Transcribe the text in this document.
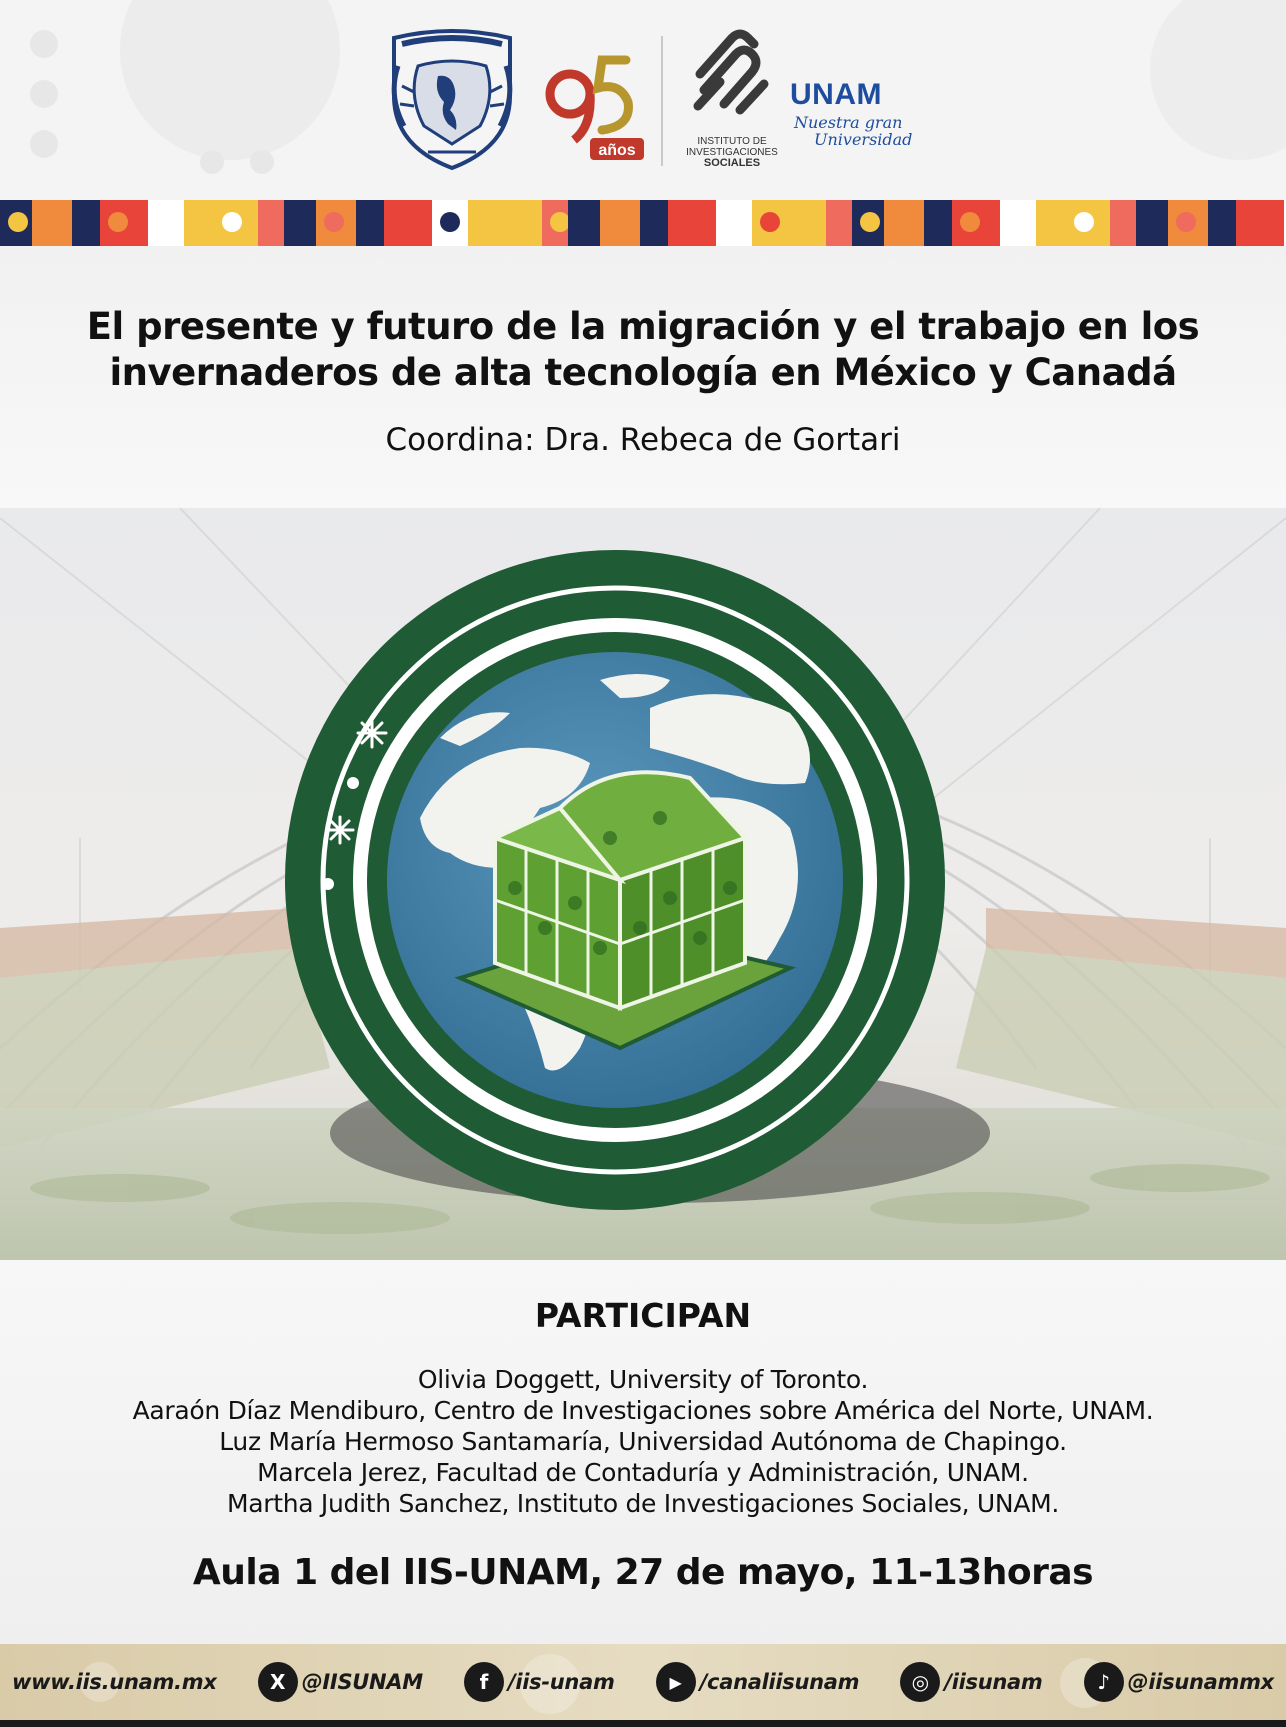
años
INSTITUTO DE
INVESTIGACIONES
SOCIALES
UNAM
Nuestra gran
Universidad
El presente y futuro de la migración y el trabajo en los
invernaderos de alta tecnología en México y Canadá
Coordina: Dra. Rebeca de Gortari
PARTICIPAN
Olivia Doggett, University of Toronto.
Aaraón Díaz Mendiburo, Centro de Investigaciones sobre América del Norte, UNAM.
Luz María Hermoso Santamaría, Universidad Autónoma de Chapingo.
Marcela Jerez, Facultad de Contaduría y Administración, UNAM.
Martha Judith Sanchez, Instituto de Investigaciones Sociales, UNAM.
Aula 1 del IIS-UNAM, 27 de mayo, 11-13horas
www.iis.unam.mx	X @IISUNAM	f /iis-unam	▶ /canaliisunam	◎ /iisunam	♪ @iisunammx
